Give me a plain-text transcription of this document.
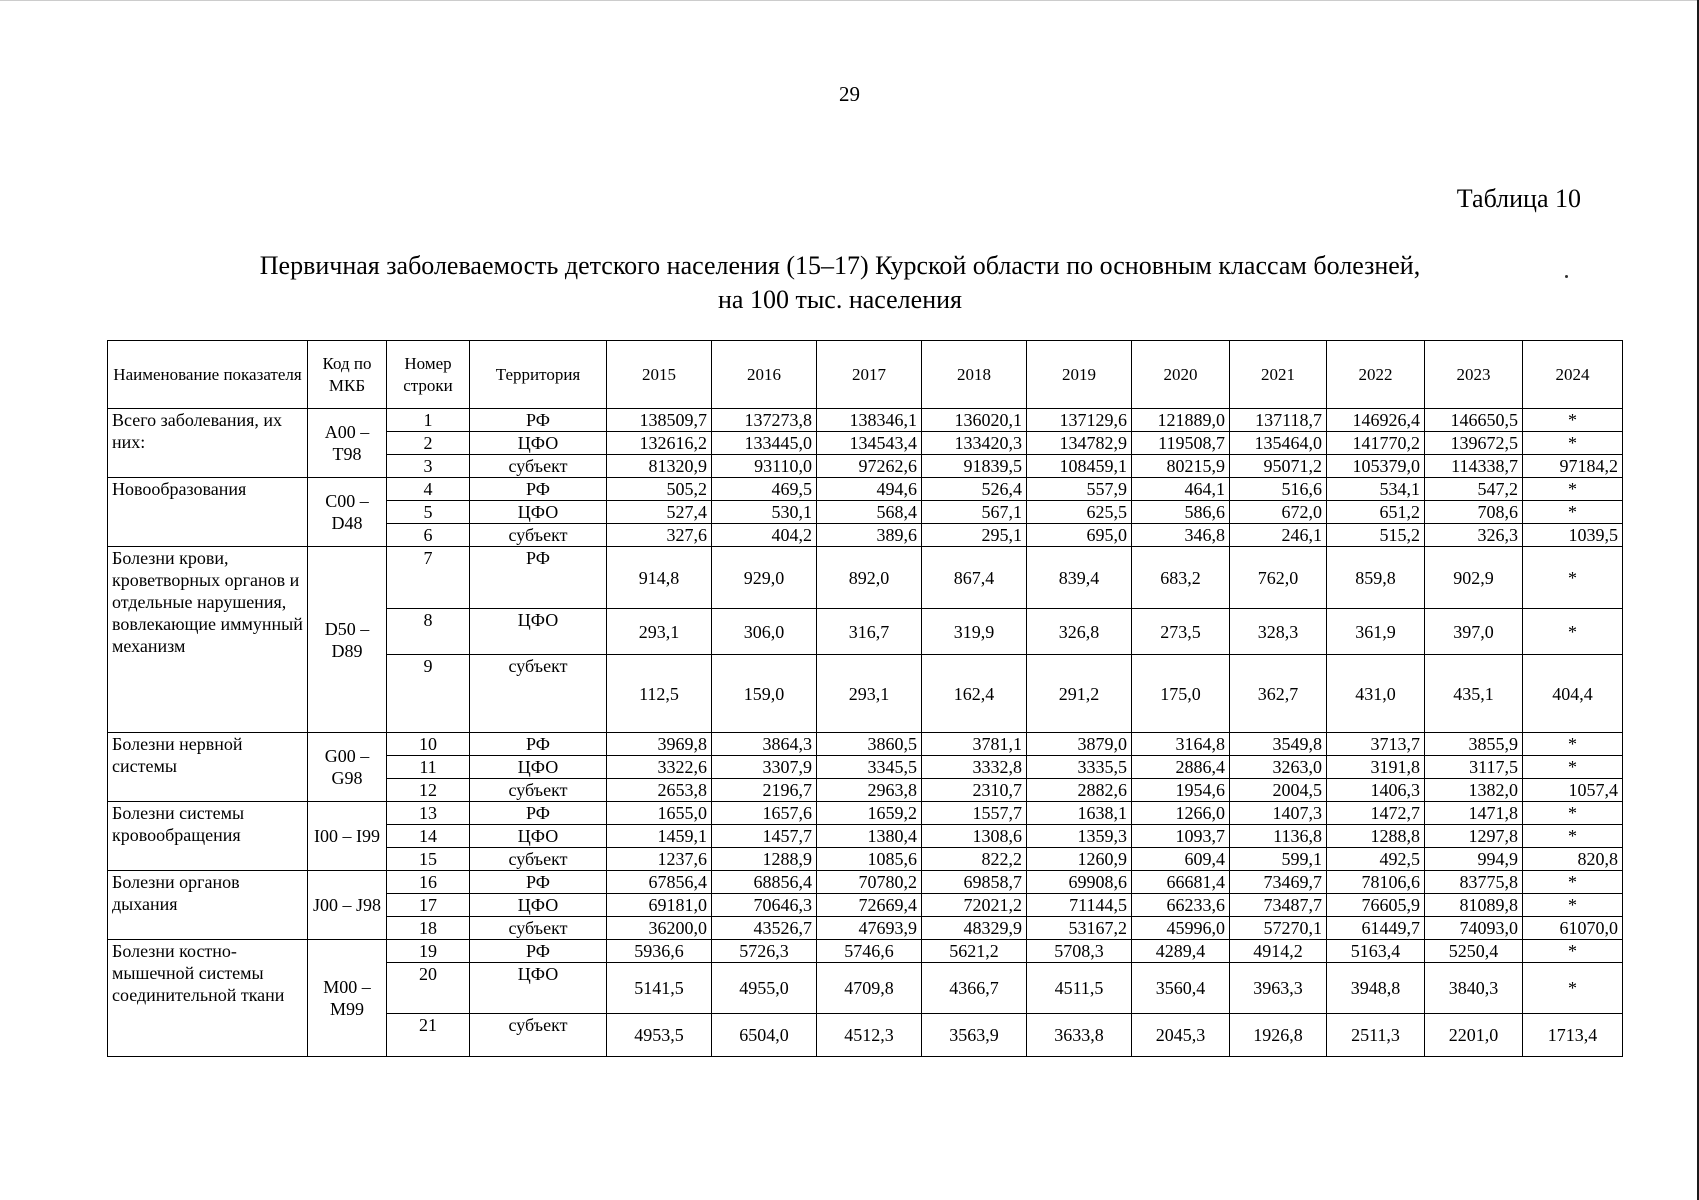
29
Таблица 10
Первичная заболеваемость детского населения (15–17) Курской области по основным классам болезней,
на 100 тыс. населения
Наименование показателя	Код по МКБ	Номер строки	Территория	2015	2016	2017	2018	2019	2020	2021	2022	2023	2024
Всего заболевания, их них:	А00 – Т98	1	РФ	138509,7	137273,8	138346,1	136020,1	137129,6	121889,0	137118,7	146926,4	146650,5	*
		2	ЦФО	132616,2	133445,0	134543,4	133420,3	134782,9	119508,7	135464,0	141770,2	139672,5	*
		3	субъект	81320,9	93110,0	97262,6	91839,5	108459,1	80215,9	95071,2	105379,0	114338,7	97184,2
Новообразования	С00 – D48	4	РФ	505,2	469,5	494,6	526,4	557,9	464,1	516,6	534,1	547,2	*
		5	ЦФО	527,4	530,1	568,4	567,1	625,5	586,6	672,0	651,2	708,6	*
		6	субъект	327,6	404,2	389,6	295,1	695,0	346,8	246,1	515,2	326,3	1039,5
Болезни крови, кроветворных органов и отдельные нарушения, вовлекающие иммунный механизм	D50 – D89	7	РФ	914,8	929,0	892,0	867,4	839,4	683,2	762,0	859,8	902,9	*
		8	ЦФО	293,1	306,0	316,7	319,9	326,8	273,5	328,3	361,9	397,0	*
		9	субъект	112,5	159,0	293,1	162,4	291,2	175,0	362,7	431,0	435,1	404,4
Болезни нервной системы	G00 – G98	10	РФ	3969,8	3864,3	3860,5	3781,1	3879,0	3164,8	3549,8	3713,7	3855,9	*
		11	ЦФО	3322,6	3307,9	3345,5	3332,8	3335,5	2886,4	3263,0	3191,8	3117,5	*
		12	субъект	2653,8	2196,7	2963,8	2310,7	2882,6	1954,6	2004,5	1406,3	1382,0	1057,4
Болезни системы кровообращения	I00 – I99	13	РФ	1655,0	1657,6	1659,2	1557,7	1638,1	1266,0	1407,3	1472,7	1471,8	*
		14	ЦФО	1459,1	1457,7	1380,4	1308,6	1359,3	1093,7	1136,8	1288,8	1297,8	*
		15	субъект	1237,6	1288,9	1085,6	822,2	1260,9	609,4	599,1	492,5	994,9	820,8
Болезни органов дыхания	J00 – J98	16	РФ	67856,4	68856,4	70780,2	69858,7	69908,6	66681,4	73469,7	78106,6	83775,8	*
		17	ЦФО	69181,0	70646,3	72669,4	72021,2	71144,5	66233,6	73487,7	76605,9	81089,8	*
		18	субъект	36200,0	43526,7	47693,9	48329,9	53167,2	45996,0	57270,1	61449,7	74093,0	61070,0
Болезни костно-мышечной системы соединительной ткани	М00 – М99	19	РФ	5936,6	5726,3	5746,6	5621,2	5708,3	4289,4	4914,2	5163,4	5250,4	*
		20	ЦФО	5141,5	4955,0	4709,8	4366,7	4511,5	3560,4	3963,3	3948,8	3840,3	*
		21	субъект	4953,5	6504,0	4512,3	3563,9	3633,8	2045,3	1926,8	2511,3	2201,0	1713,4
